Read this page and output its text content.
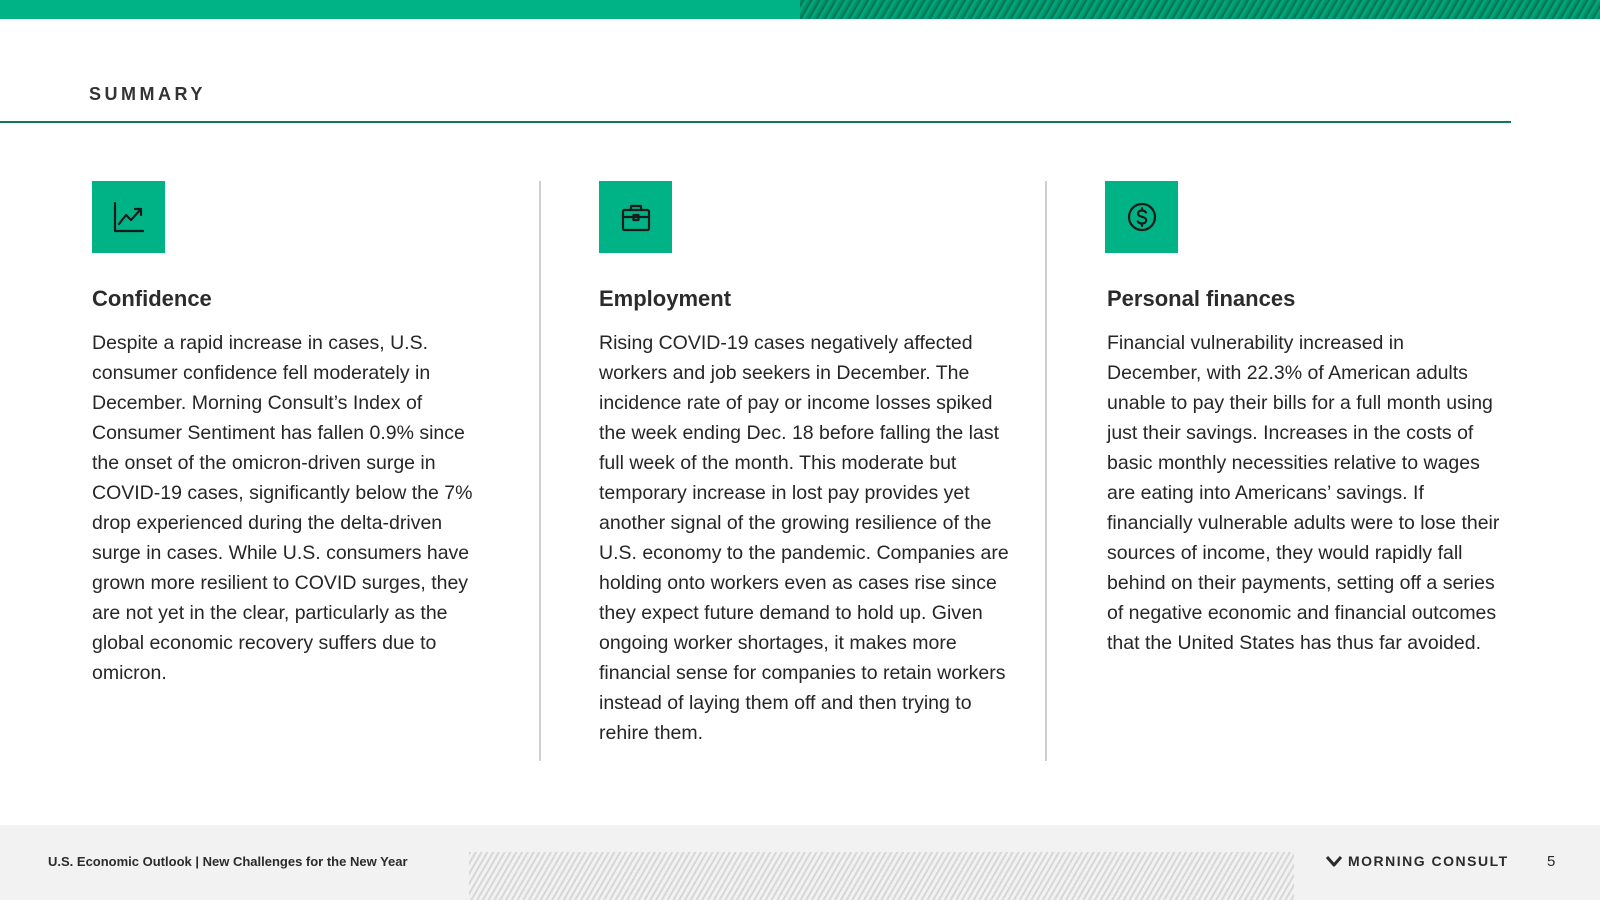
SUMMARY
Confidence

Despite a rapid increase in cases, U.S. consumer confidence fell moderately in December. Morning Consult’s Index of Consumer Sentiment has fallen 0.9% since the onset of the omicron-driven surge in COVID-19 cases, significantly below the 7% drop experienced during the delta-driven surge in cases. While U.S. consumers have grown more resilient to COVID surges, they are not yet in the clear, particularly as the global economic recovery suffers due to omicron.

Employment

Rising COVID-19 cases negatively affected workers and job seekers in December. The incidence rate of pay or income losses spiked the week ending Dec. 18 before falling the last full week of the month. This moderate but temporary increase in lost pay provides yet another signal of the growing resilience of the U.S. economy to the pandemic. Companies are holding onto workers even as cases rise since they expect future demand to hold up. Given ongoing worker shortages, it makes more financial sense for companies to retain workers instead of laying them off and then trying to rehire them.

Personal finances

Financial vulnerability increased in December, with 22.3% of American adults unable to pay their bills for a full month using just their savings. Increases in the costs of basic monthly necessities relative to wages are eating into Americans’ savings. If financially vulnerable adults were to lose their sources of income, they would rapidly fall behind on their payments, setting off a series of negative economic and financial outcomes that the United States has thus far avoided.

U.S. Economic Outlook | New Challenges for the New Year	MORNING CONSULT	5
